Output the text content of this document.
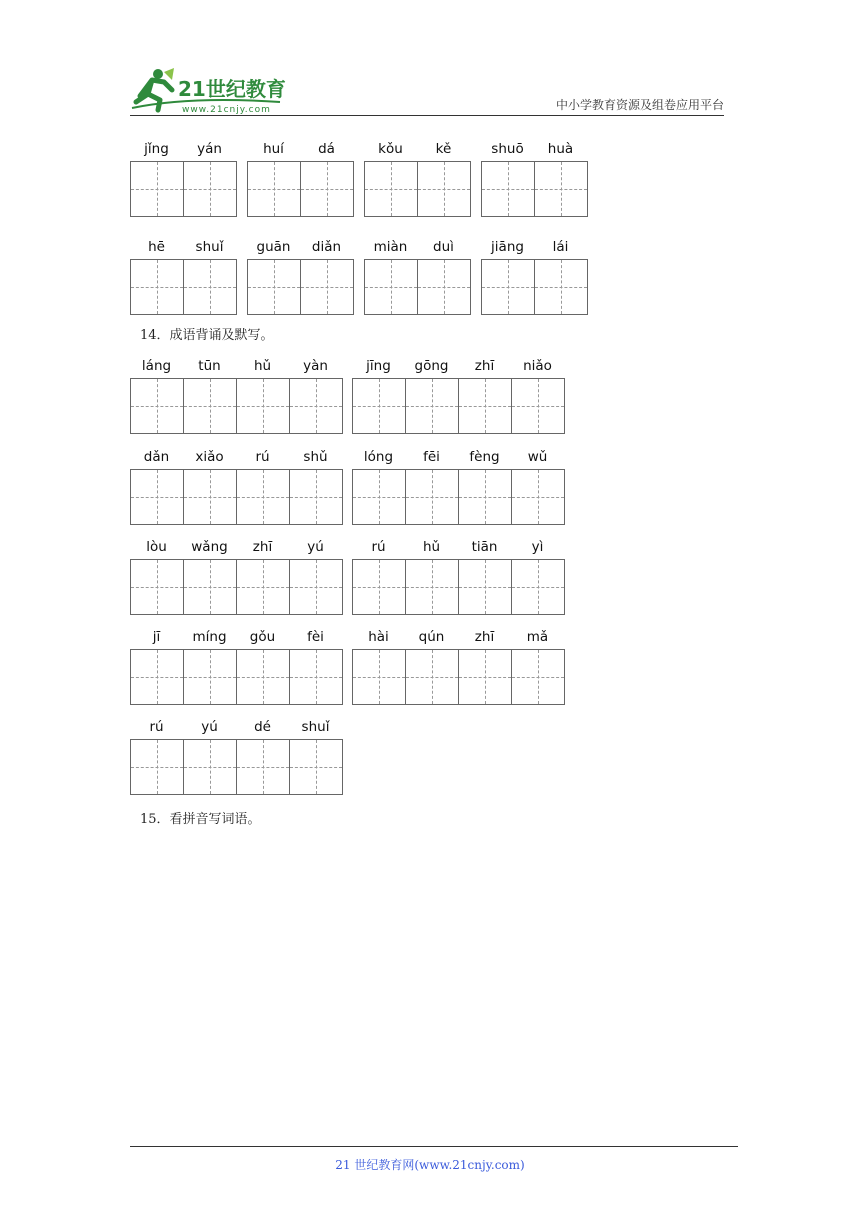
21世纪教育
www.21cnjy.com	中小学教育资源及组卷应用平台
jǐng	yán	huí	dá	kǒu	kě	shuō	huà
hē	shuǐ	guān	diǎn	miàn	duì	jiāng	lái
14．成语背诵及默写。
láng	tūn	hǔ	yàn	jīng	gōng	zhī	niǎo
dǎn	xiǎo	rú	shǔ	lóng	fēi	fèng	wǔ
lòu	wǎng	zhī	yú	rú	hǔ	tiān	yì
jī	míng	gǒu	fèi	hài	qún	zhī	mǎ
rú	yú	dé	shuǐ
15．看拼音写词语。
21 世纪教育网(www.21cnjy.com)
